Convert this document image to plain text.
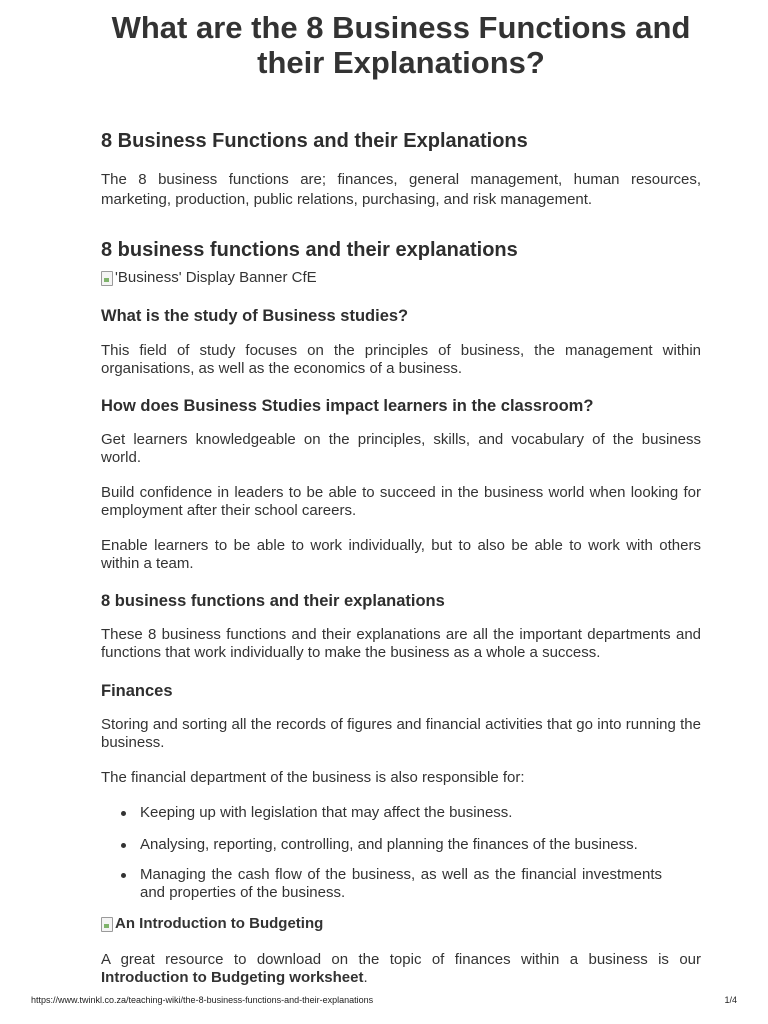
What are the 8 Business Functions and their Explanations?
8 Business Functions and their Explanations

The 8 business functions are; finances, general management, human resources, marketing, production, public relations, purchasing, and risk management.

8 business functions and their explanations
'Business' Display Banner CfE
What is the study of Business studies?

This field of study focuses on the principles of business, the management within organisations, as well as the economics of a business.

How does Business Studies impact learners in the classroom?

Get learners knowledgeable on the principles, skills, and vocabulary of the business world.

Build confidence in leaders to be able to succeed in the business world when looking for employment after their school careers.

Enable learners to be able to work individually, but to also be able to work with others within a team.

8 business functions and their explanations

These 8 business functions and their explanations are all the important departments and functions that work individually to make the business as a whole a success.

Finances

Storing and sorting all the records of figures and financial activities that go into running the business.

The financial department of the business is also responsible for:

Keeping up with legislation that may affect the business.
Analysing, reporting, controlling, and planning the finances of the business.
Managing the cash flow of the business, as well as the financial investments and properties of the business.
An Introduction to Budgeting

A great resource to download on the topic of finances within a business is our Introduction to Budgeting worksheet.

https://www.twinkl.co.za/teaching-wiki/the-8-business-functions-and-their-explanations	1/4
